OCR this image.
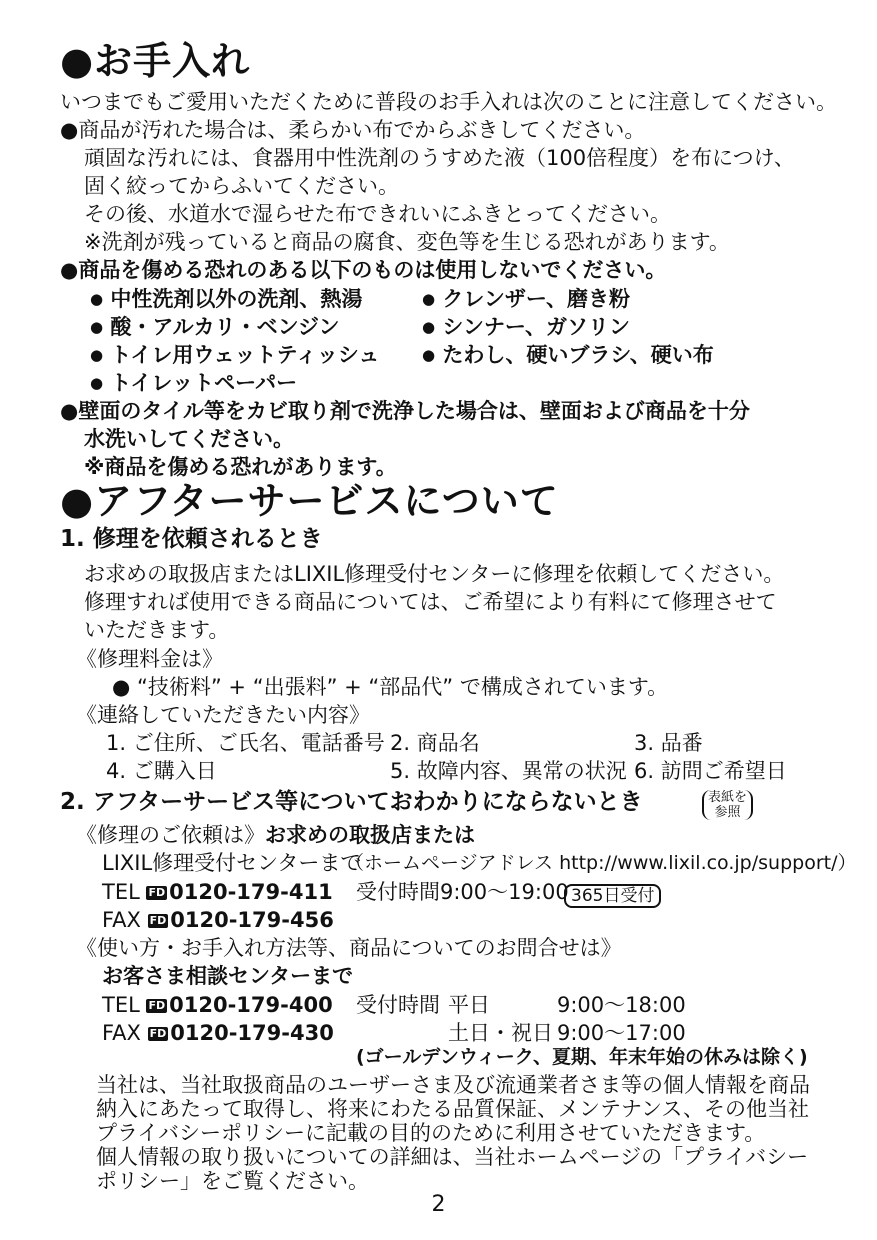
●お手入れ
いつまでもご愛用いただくために普段のお手入れは次のことに注意してください。
●商品が汚れた場合は、柔らかい布でからぶきしてください。
頑固な汚れには、食器用中性洗剤のうすめた液（100倍程度）を布につけ、
固く絞ってからふいてください。
その後、水道水で湿らせた布できれいにふきとってください。
※洗剤が残っていると商品の腐食、変色等を生じる恐れがあります。
●商品を傷める恐れのある以下のものは使用しないでください。
● 中性洗剤以外の洗剤、熱湯
● 酸・アルカリ・ベンジン
● トイレ用ウェットティッシュ
● トイレットペーパー
● クレンザー、磨き粉
● シンナー、ガソリン
● たわし、硬いブラシ、硬い布
●壁面のタイル等をカビ取り剤で洗浄した場合は、壁面および商品を十分
水洗いしてください。
※商品を傷める恐れがあります。
●アフターサービスについて
1. 修理を依頼されるとき
お求めの取扱店またはLIXIL修理受付センターに修理を依頼してください。
修理すれば使用できる商品については、ご希望により有料にて修理させて
いただきます。
《修理料金は》
● “技術料” + “出張料” + “部品代” で構成されています。
《連絡していただきたい内容》
1. ご住所、ご氏名、電話番号 2. 商品名	3. 品番
4. ご購入日	5. 故障内容、異常の状況 6. 訪問ご希望日
2. アフターサービス等についておわかりにならないとき	表紙を
参照
《修理のご依頼は》お求めの取扱店または
LIXIL修理受付センターまで
（ホームページアドレス http://www.lixil.co.jp/support/）
TEL FD 0120-179-411 受付時間9:00～19:00 365日受付
FAX FD 0120-179-456
《使い方・お手入れ方法等、商品についてのお問合せは》
お客さま相談センターまで
TEL FD 0120-179-400 受付時間 平日	9:00～18:00
FAX FD 0120-179-430	土日・祝日 9:00～17:00
(ゴールデンウィーク、夏期、年末年始の休みは除く)
当社は、当社取扱商品のユーザーさま及び流通業者さま等の個人情報を商品
納入にあたって取得し、将来にわたる品質保証、メンテナンス、その他当社
プライバシーポリシーに記載の目的のために利用させていただきます。
個人情報の取り扱いについての詳細は、当社ホームページの「プライバシー
ポリシー」をご覧ください。
2
